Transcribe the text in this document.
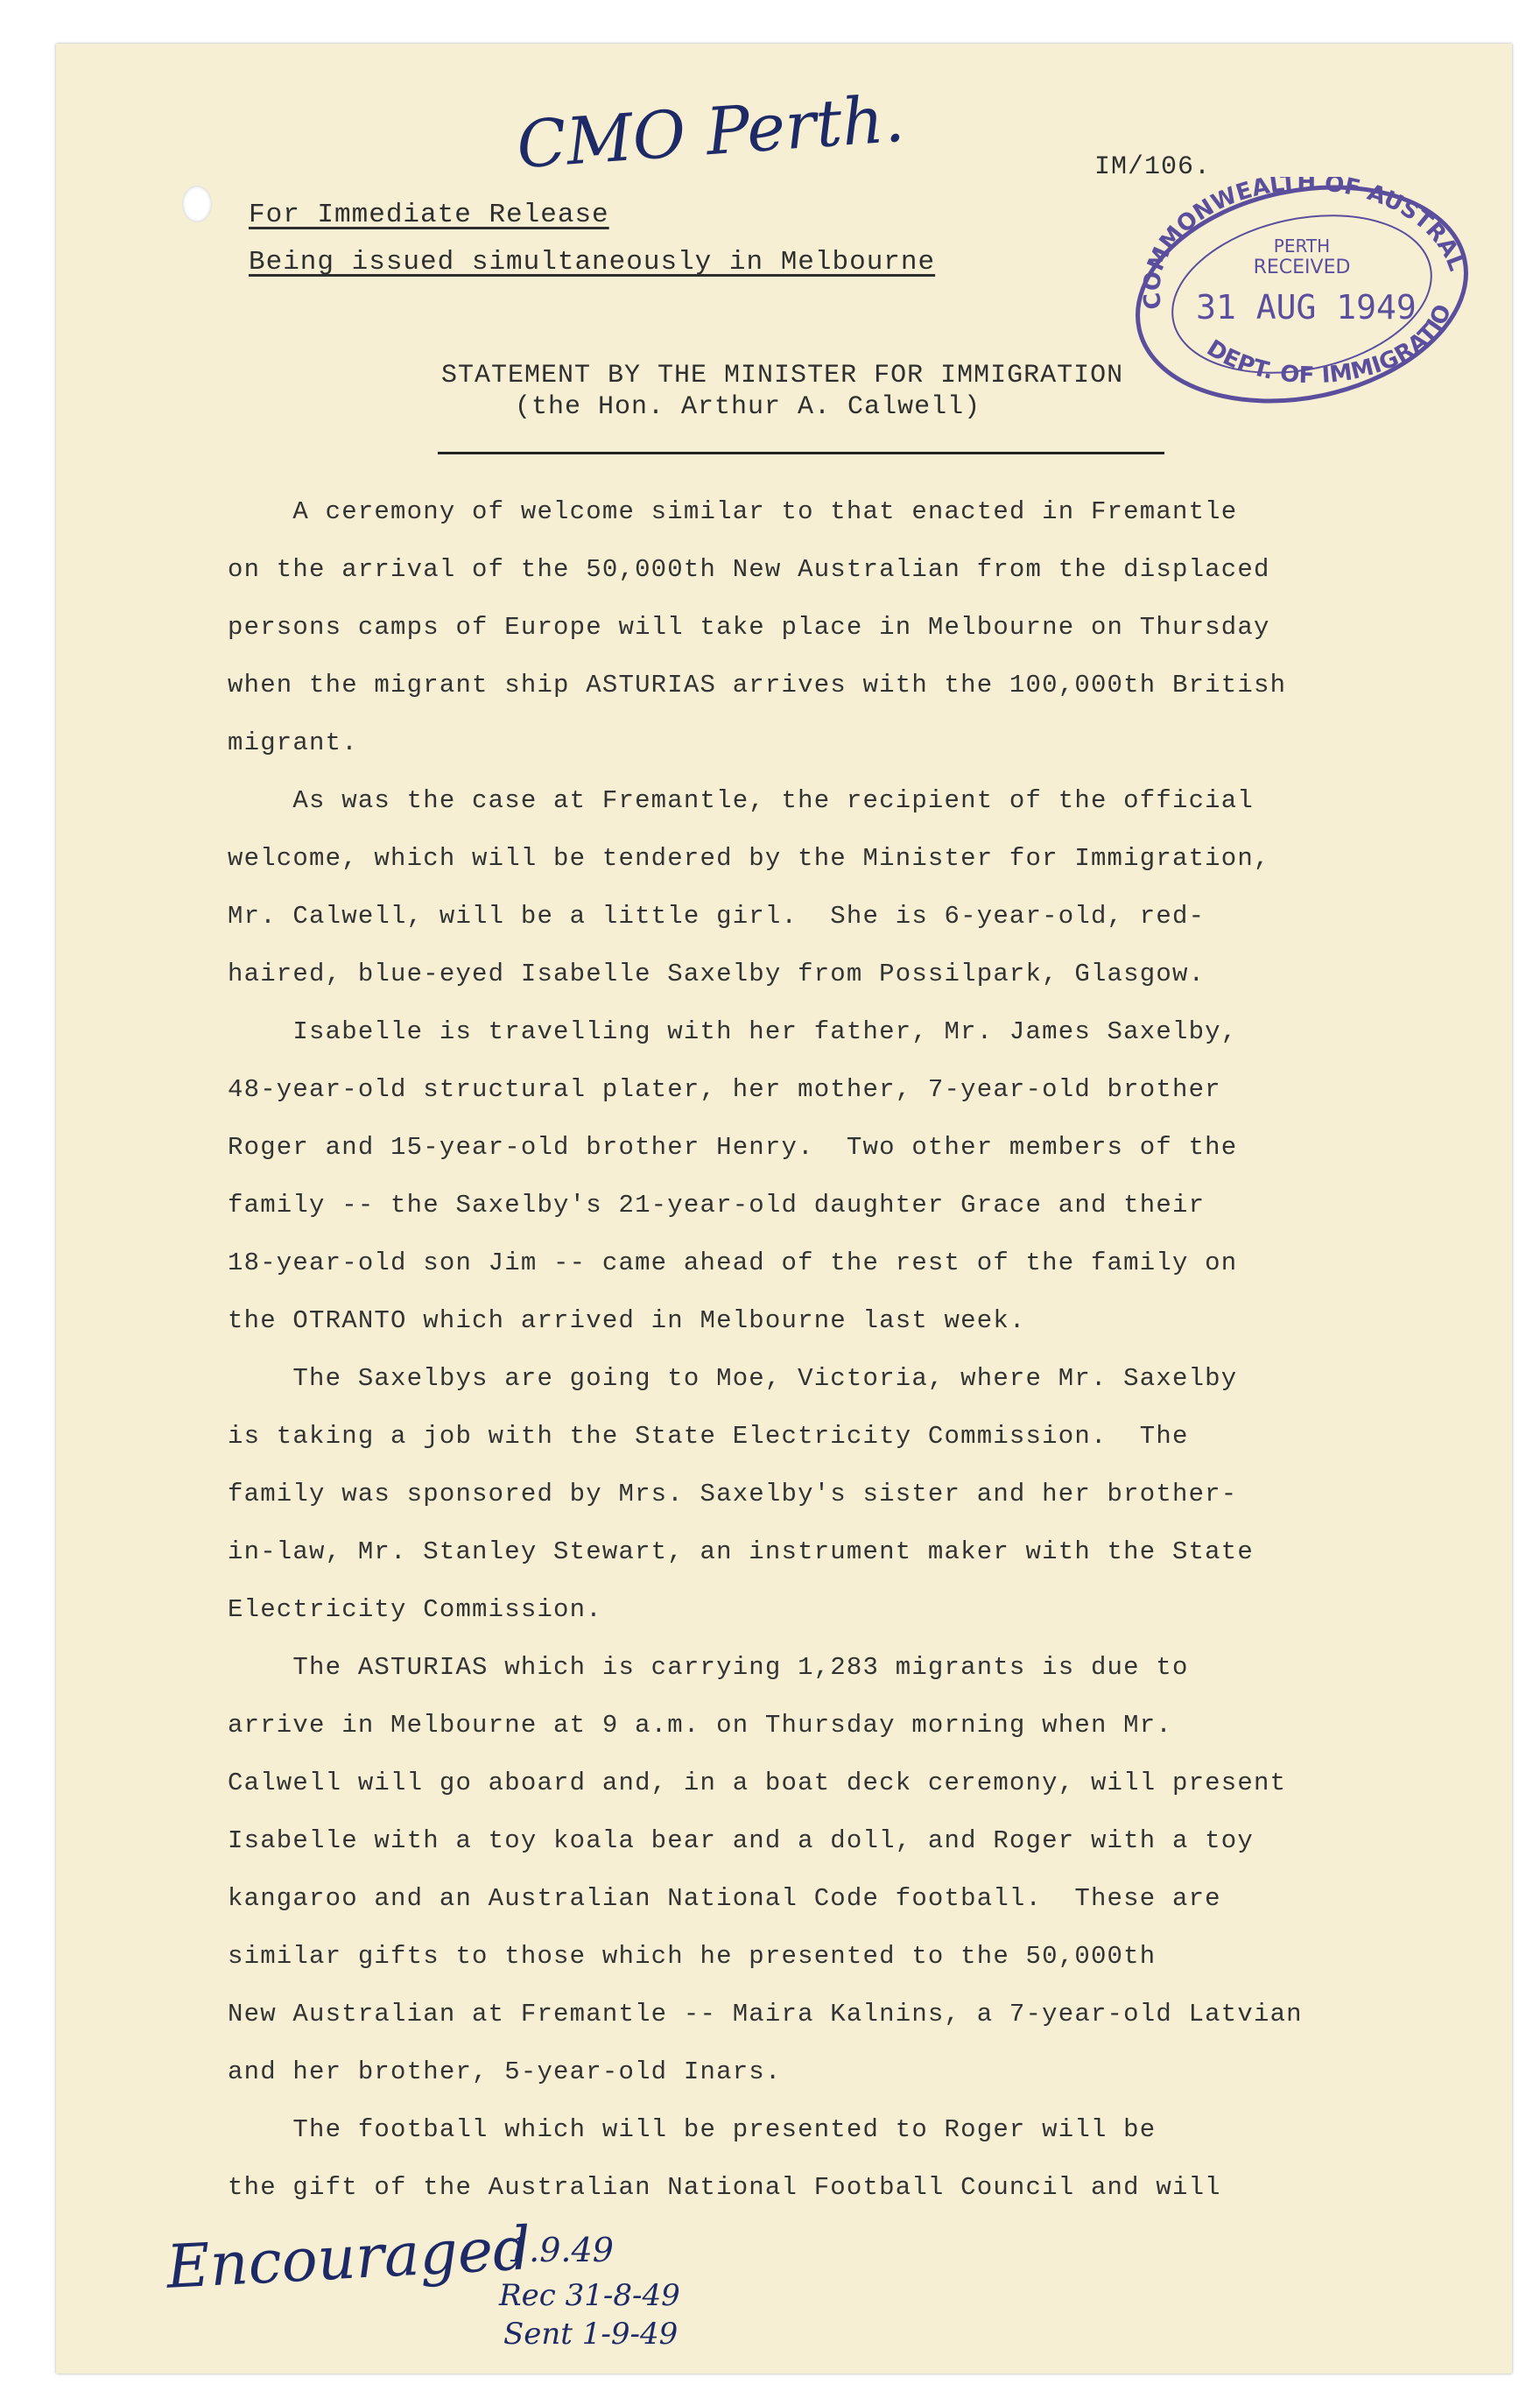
CMO Perth.	IM/106.
For Immediate Release
Being issued simultaneously in Melbourne
COMMONWEALTH OF AUSTRAL
DEPT. OF IMMIGRATIO
PERTH
RECEIVED
31 AUG 1949
STATEMENT BY THE MINISTER FOR IMMIGRATION
(the Hon. Arthur A. Calwell)
A ceremony of welcome similar to that enacted in Fremantle
on the arrival of the 50,000th New Australian from the displaced
persons camps of Europe will take place in Melbourne on Thursday
when the migrant ship ASTURIAS arrives with the 100,000th British
migrant.
As was the case at Fremantle, the recipient of the official
welcome, which will be tendered by the Minister for Immigration,
Mr. Calwell, will be a little girl.  She is 6-year-old, red-
haired, blue-eyed Isabelle Saxelby from Possilpark, Glasgow.
Isabelle is travelling with her father, Mr. James Saxelby,
48-year-old structural plater, her mother, 7-year-old brother
Roger and 15-year-old brother Henry.  Two other members of the
family -- the Saxelby's 21-year-old daughter Grace and their
18-year-old son Jim -- came ahead of the rest of the family on
the OTRANTO which arrived in Melbourne last week.
The Saxelbys are going to Moe, Victoria, where Mr. Saxelby
is taking a job with the State Electricity Commission.  The
family was sponsored by Mrs. Saxelby's sister and her brother-
in-law, Mr. Stanley Stewart, an instrument maker with the State
Electricity Commission.
The ASTURIAS which is carrying 1,283 migrants is due to
arrive in Melbourne at 9 a.m. on Thursday morning when Mr.
Calwell will go aboard and, in a boat deck ceremony, will present
Isabelle with a toy koala bear and a doll, and Roger with a toy
kangaroo and an Australian National Code football.  These are
similar gifts to those which he presented to the 50,000th
New Australian at Fremantle -- Maira Kalnins, a 7-year-old Latvian
and her brother, 5-year-old Inars.
The football which will be presented to Roger will be
the gift of the Australian National Football Council and will
Encouraged
1.9.49
Rec 31-8-49
Sent 1-9-49
